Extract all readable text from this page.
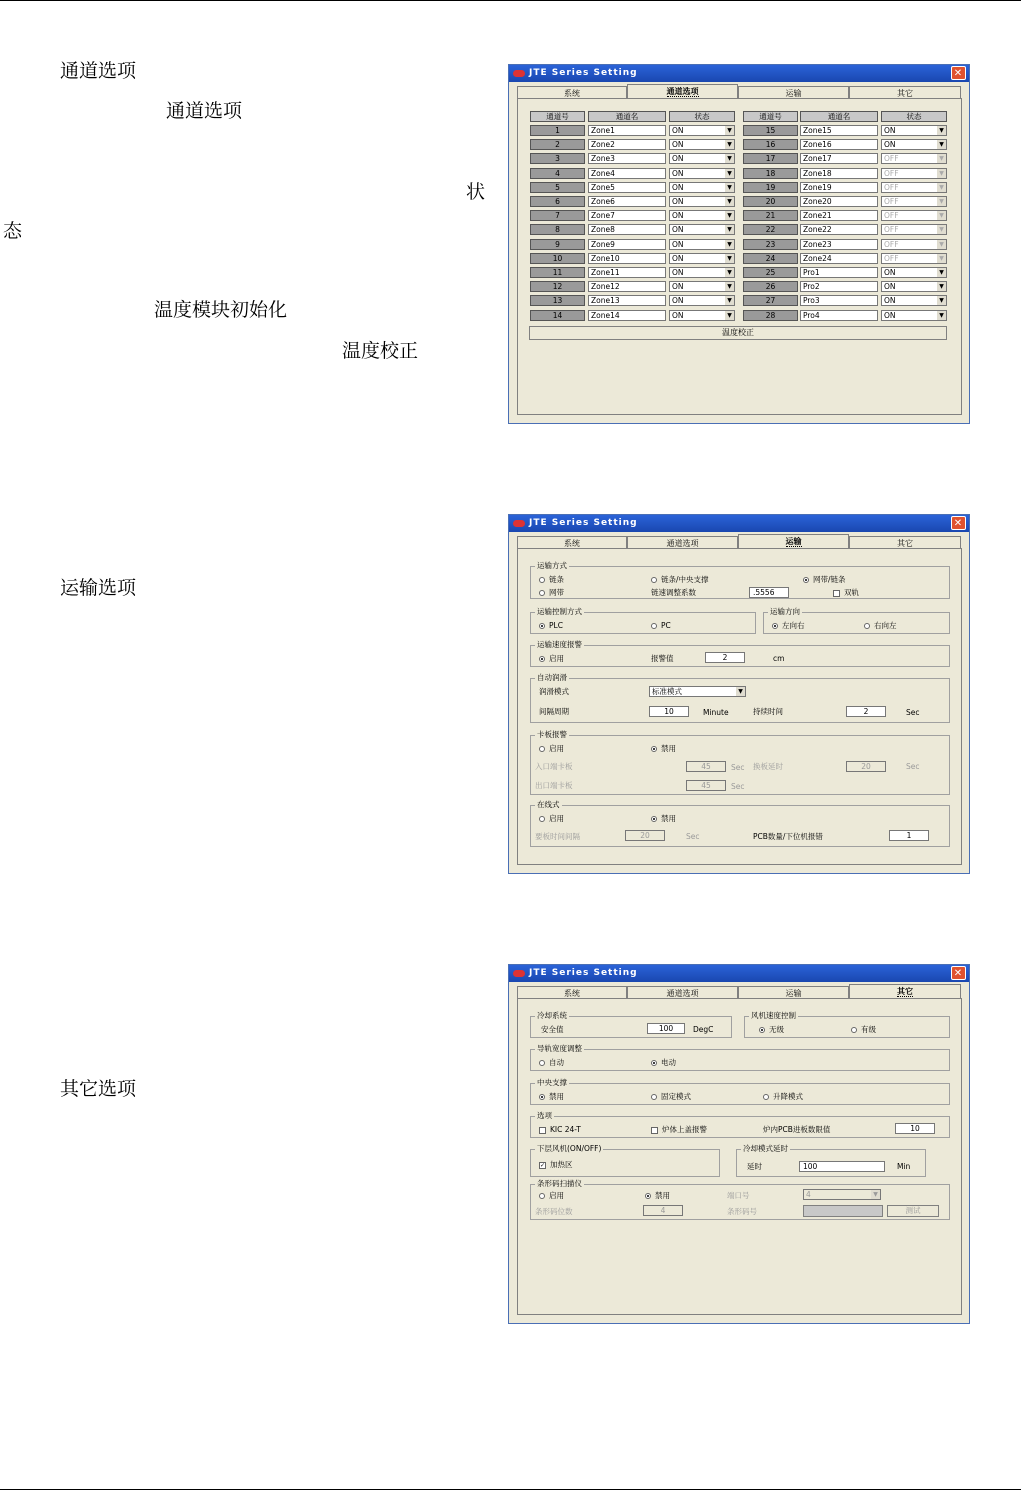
通道选项
通道选项
状
态
温度模块初始化
温度校正
运输选项
其它选项
JTE Series Setting	✕
系统	通道选项	运输	其它
通道号	通道名	状态	通道号	通道名	状态
1	Zone1	ON	▼
2	Zone2	ON	▼
3	Zone3	ON	▼
4	Zone4	ON	▼
5	Zone5	ON	▼
6	Zone6	ON	▼
7	Zone7	ON	▼
8	Zone8	ON	▼
9	Zone9	ON	▼
10	Zone10	ON	▼
11	Zone11	ON	▼
12	Zone12	ON	▼
13	Zone13	ON	▼
14	Zone14	ON	▼
15	Zone15	ON	▼
16	Zone16	ON	▼
17	Zone17	OFF	▼
18	Zone18	OFF	▼
19	Zone19	OFF	▼
20	Zone20	OFF	▼
21	Zone21	OFF	▼
22	Zone22	OFF	▼
23	Zone23	OFF	▼
24	Zone24	OFF	▼
25	Pro1	ON	▼
26	Pro2	ON	▼
27	Pro3	ON	▼
28	Pro4	ON	▼
温度校正
JTE Series Setting	✕
系统	通道选项	运输	其它
运输方式
链条	链条/中央支撑	网带/链条
网带	链速调整系数	.5556	双轨
运输控制方式
PLC	PC
运输方向
左向右	右向左
运输速度报警
启用	报警值	2	cm
自动润滑
润滑模式	标准模式	▼
间隔周期	10	Minute	持续时间	2	Sec
卡板报警
启用	禁用
入口端卡板	45	Sec 换板延时	20	Sec
出口端卡板	45	Sec
在线式
启用	禁用
要板时间间隔	20	Sec	PCB数量/下位机报错	1
JTE Series Setting	✕
系统	通道选项	运输	其它
冷却系统
安全值	100	DegC
风机速度控制
无级	有级
导轨宽度调整
自动	电动
中央支撑
禁用	固定模式	升降模式
选项
KIC 24-T	炉体上盖报警	炉内PCB进板数限值	10
下层风机(ON/OFF)
✓ 加热区
冷却模式延时
延时	100	Min
条形码扫描仪
启用	禁用	端口号	4	▼
条形码位数	4	条形码号	测试
